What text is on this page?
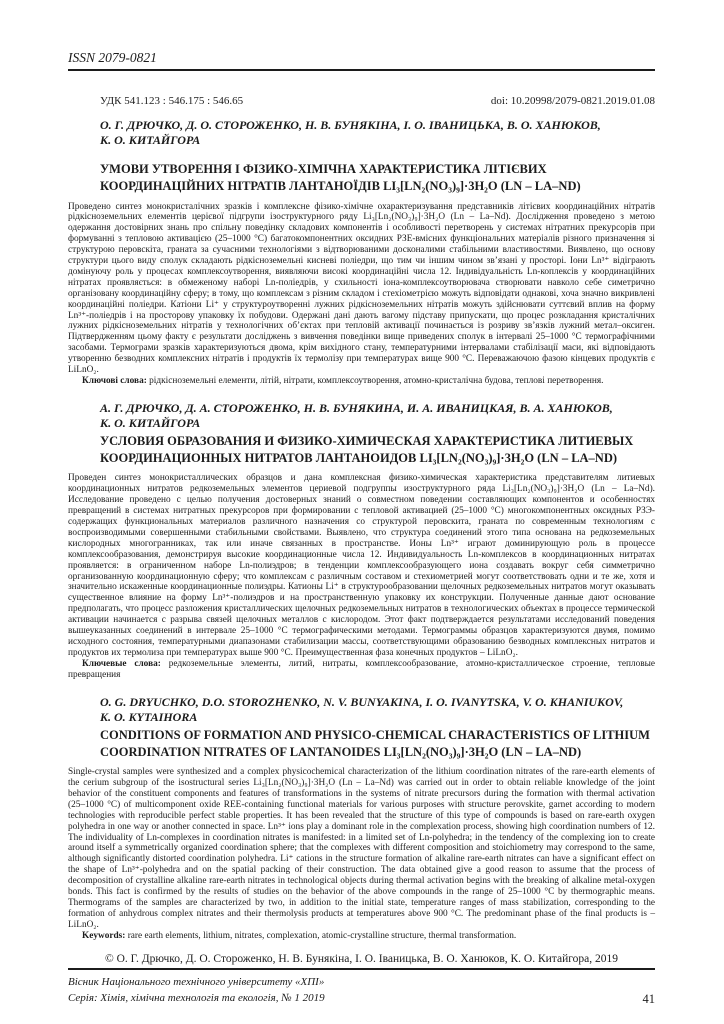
ISSN 2079-0821
УДК 541.123 : 546.175 : 546.65	doi: 10.20998/2079-0821.2019.01.08

О. Г. ДРЮЧКО, Д. О. СТОРОЖЕНКО, Н. В. БУНЯКІНА, І. О. ІВАНИЦЬКА, В. О. ХАНЮКОВ,
К. О. КИТАЙГОРА

УМОВИ УТВОРЕННЯ І ФІЗИКО-ХІМІЧНА ХАРАКТЕРИСТИКА ЛІТІЄВИХ
КООРДИНАЦІЙНИХ НІТРАТІВ ЛАНТАНОЇДІВ LI₃[LN₂(NO₃)₉]·3H₂O (LN – LA–ND)

Проведено синтез монокристалічних зразків і комплексне фізико-хімічне охарактеризування представників літієвих координаційних нітратів рідкісноземельних елементів церієвої підгрупи ізоструктурного ряду Li₃[Ln₂(NO₃)₉]·3H₂O (Ln – La–Nd). Дослідження проведено з метою одержання достовірних знань про спільну поведінку складових компонентів і особливості перетворень у системах нітратних прекурсорів при формуванні з тепловою активацією (25–1000 °С) багатокомпонентних оксидних РЗЕ-вмісних функціональних матеріалів різного призначення зі структурою перовскіта, граната за сучасними технологіями з відтворюваними досконалими стабільними властивостями. Виявлено, що основу структури цього виду сполук складають рідкісноземельні кисневі поліедри, що тим чи іншим чином зв’язані у просторі. Іони Ln³⁺ відіграють домінуючу роль у процесах комплексоутворення, виявляючи високі координаційні числа 12. Індивідуальність Ln-коплексів у координаційних нітратах проявляється: в обмеженому наборі Ln-поліедрів, у схильності іона-комплексоутворювача створювати навколо себе симетрично організовану координаційну сферу; в тому, що комплексам з різним складом і стехіометрією можуть відповідати однакові, хоча значно викривлені координаційні поліедри. Катіони Li⁺ у структуроутворенні лужних рідкісноземельних нітратів можуть здійснювати суттєвий вплив на форму Ln³⁺-поліедрів і на просторову упаковку їх побудови. Одержані дані дають вагому підставу припускати, що процес розкладання кристалічних лужних рідкісноземельних нітратів у технологічних об’єктах при тепловій активації починається із розриву зв’язків лужний метал–оксиген. Підтвердженням цьому факту є результати досліджень з вивчення поведінки вище приведених сполук в інтервалі 25–1000 °С термографічними засобами. Термограми зразків характеризуються двома, крім вихідного стану, температурними інтервалами стабілізації маси, які відповідають утворенню безводних комплексних нітратів і продуктів їх термолізу при температурах вище 900 °С. Переважаючою фазою кінцевих продуктів є LiLnO₂.

Ключові слова: рідкісноземельні елементи, літій, нітрати, комплексоутворення, атомно-кристалічна будова, теплові перетворення.

А. Г. ДРЮЧКО, Д. А. СТОРОЖЕНКО, Н. В. БУНЯКИНА, И. А. ИВАНИЦКАЯ, В. А. ХАНЮКОВ,
К. О. КИТАЙГОРА

УСЛОВИЯ ОБРАЗОВАНИЯ И ФИЗИКО-ХИМИЧЕСКАЯ ХАРАКТЕРИСТИКА ЛИТИЕВЫХ
КООРДИНАЦИОННЫХ НИТРАТОВ ЛАНТАНОИДОВ LI₃[LN₂(NO₃)₉]·3H₂O (LN – LA–ND)

Проведен синтез монокристаллических образцов и дана комплексная физико-химическая характеристика представителям литиевых координационных нитратов редкоземельных элементов цериевой подгруппы изоструктурного ряда Li₃[Ln₂(NO₃)₉]·3H₂O (Ln – La–Nd). Исследование проведено с целью получения достоверных знаний о совместном поведении составляющих компонентов и особенностях превращений в системах нитратных прекурсоров при формировании с тепловой активацией (25–1000 °С) многокомпонентных оксидных РЗЭ-содержащих функциональных материалов различного назначения со структурой перовскита, граната по современным технологиям с воспроизводимыми совершенными стабильными свойствами. Выявлено, что структура соединений этого типа основана на редкоземельных кислородных многогранниках, так или иначе связанных в пространстве. Ионы Ln³⁺ играют доминирующую роль в процессе комплексообразования, демонстрируя высокие координационные числа 12. Индивидуальность Ln-комплексов в координационных нитратах проявляется: в ограниченном наборе Ln-полиэдров; в тенденции комплексообразующего иона создавать вокруг себя симметрично организованную координационную сферу; что комплексам с различным составом и стехиометрией могут соответствовать одни и те же, хотя и значительно искаженные координационные полиэдры. Катионы Li⁺ в структурообразовании щелочных редкоземельных нитратов могут оказывать существенное влияние на форму Ln³⁺-полиэдров и на пространственную упаковку их конструкции. Полученные данные дают основание предполагать, что процесс разложения кристаллических щелочных редкоземельных нитратов в технологических объектах в процессе термической активации начинается с разрыва связей щелочных металлов с кислородом. Этот факт подтверждается результатами исследований поведения вышеуказанных соединений в интервале 25–1000 °С термографическими методами. Термограммы образцов характеризуются двумя, помимо исходного состояния, температурными диапазонами стабилизации массы, соответствующими образованию безводных комплексных нитратов и продуктов их термолиза при температурах выше 900 °С. Преимущественная фаза конечных продуктов – LiLnO₂.

Ключевые слова: редкоземельные элементы, литий, нитраты, комплексообразование, атомно-кристаллическое строение, тепловые превращения

O. G. DRYUCHKO, D.O. STOROZHENKO, N. V. BUNYAKINA, I. O. IVANYTSKA, V. O. KHANIUKOV,
K. O. KYTAIHORA

CONDITIONS OF FORMATION AND PHYSICO-CHEMICAL CHARACTERISTICS OF LITHIUM
COORDINATION NITRATES OF LANTANOIDES LI₃[LN₂(NO₃)₉]·3H₂O (LN – LA–ND)

Single-crystal samples were synthesized and a complex physicochemical characterization of the lithium coordination nitrates of the rare-earth elements of the cerium subgroup of the isostructural series Li₃[Ln₂(NO₃)₉]·3H₂O (Ln – La–Nd) was carried out in order to obtain reliable knowledge of the joint behavior of the constituent components and features of transformations in the systems of nitrate precursors during the formation with thermal activation (25–1000 °C) of multicomponent oxide REE-containing functional materials for various purposes with structure perovskite, garnet according to modern technologies with reproducible perfect stable properties. It has been revealed that the structure of this type of compounds is based on rare-earth oxygen polyhedra in one way or another connected in space. Ln³⁺ ions play a dominant role in the complexation process, showing high coordination numbers of 12. The individuality of Ln-complexes in coordination nitrates is manifested: in a limited set of Ln-polyhedra; in the tendency of the complexing ion to create around itself a symmetrically organized coordination sphere; that the complexes with different composition and stoichiometry may correspond to the same, although significantly distorted coordination polyhedra. Li⁺ cations in the structure formation of alkaline rare-earth nitrates can have a significant effect on the shape of Ln³⁺-polyhedra and on the spatial packing of their construction. The data obtained give a good reason to assume that the process of decomposition of crystalline alkaline rare-earth nitrates in technological objects during thermal activation begins with the breaking of alkaline metal-oxygen bonds. This fact is confirmed by the results of studies on the behavior of the above compounds in the range of 25–1000 °C by thermographic means. Thermograms of the samples are characterized by two, in addition to the initial state, temperature ranges of mass stabilization, corresponding to the formation of anhydrous complex nitrates and their thermolysis products at temperatures above 900 °C. The predominant phase of the final products is – LiLnO₂.

Keywords: rare earth elements, lithium, nitrates, complexation, atomic-crystalline structure, thermal transformation.

© О. Г. Дрючко, Д. О. Стороженко, Н. В. Бунякіна, І. О. Іваницька, В. О. Ханюков, К. О. Китайгора, 2019
Вісник Національного технічного університету «ХПІ»
Серія: Хімія, хімічна технологія та екологія, № 1 2019	41
